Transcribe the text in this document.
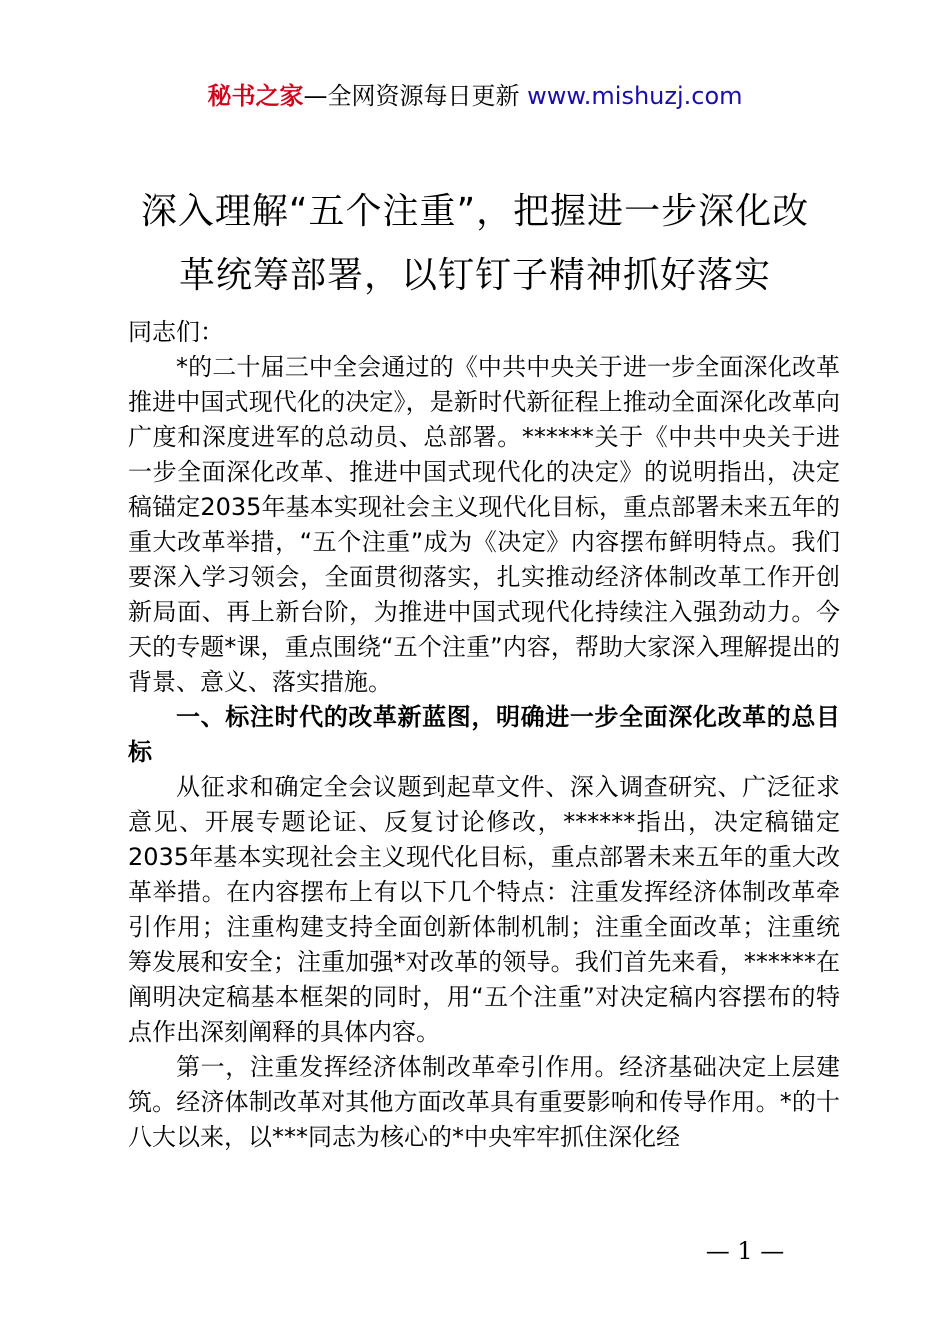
秘书之家—全网资源每日更新 www.mishuzj.com
深入理解“五个注重”，把握进一步深化改
革统筹部署，以钉钉子精神抓好落实

同志们：

*的二十届三中全会通过的《中共中央关于进一步全面深化改革推进中国式现代化的决定》，是新时代新征程上推动全面深化改革向广度和深度进军的总动员、总部署。******关于《中共中央关于进一步全面深化改革、推进中国式现代化的决定》的说明指出，决定稿锚定2035年基本实现社会主义现代化目标，重点部署未来五年的重大改革举措，“五个注重”成为《决定》内容摆布鲜明特点。我们要深入学习领会，全面贯彻落实，扎实推动经济体制改革工作开创新局面、再上新台阶，为推进中国式现代化持续注入强劲动力。今天的专题*课，重点围绕“五个注重”内容，帮助大家深入理解提出的背景、意义、落实措施。

一、标注时代的改革新蓝图，明确进一步全面深化改革的总目标

从征求和确定全会议题到起草文件、深入调查研究、广泛征求意见、开展专题论证、反复讨论修改，******指出，决定稿锚定2035年基本实现社会主义现代化目标，重点部署未来五年的重大改革举措。在内容摆布上有以下几个特点：注重发挥经济体制改革牵引作用；注重构建支持全面创新体制机制；注重全面改革；注重统筹发展和安全；注重加强*对改革的领导。我们首先来看，******在阐明决定稿基本框架的同时，用“五个注重”对决定稿内容摆布的特点作出深刻阐释的具体内容。

第一，注重发挥经济体制改革牵引作用。经济基础决定上层建筑。经济体制改革对其他方面改革具有重要影响和传导作用。*的十八大以来，以***同志为核心的*中央牢牢抓住深化经

— 1 —
